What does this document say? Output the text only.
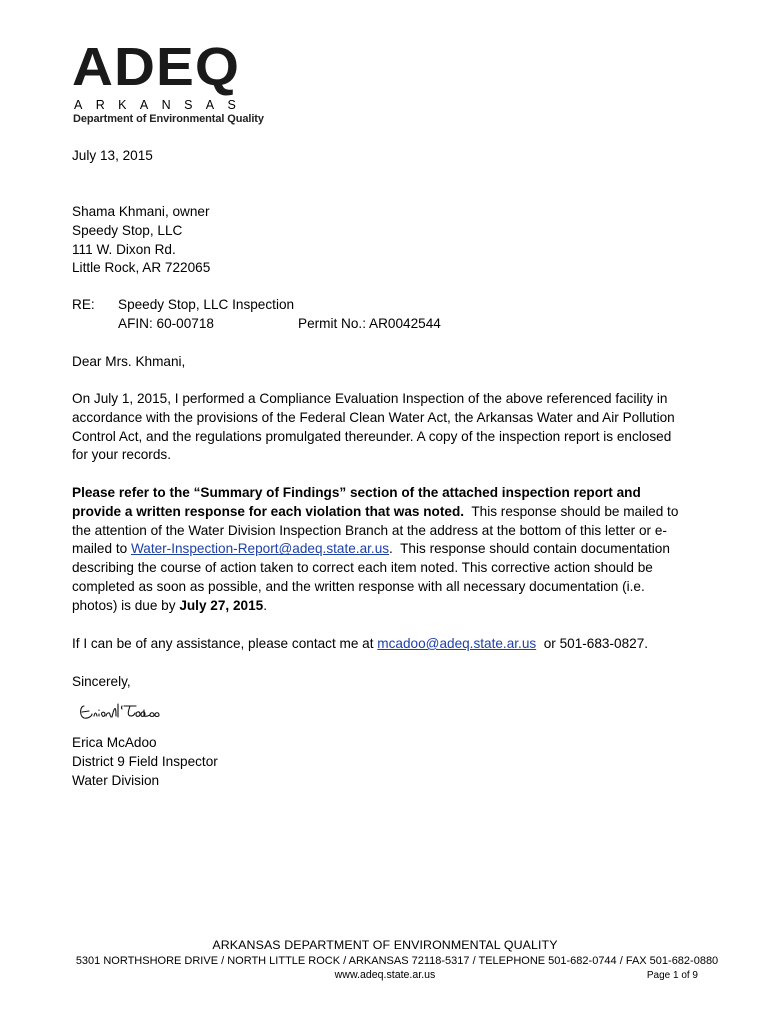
ADEQ
ARKANSAS
Department of Environmental Quality
July 13, 2015
Shama Khmani, owner
Speedy Stop, LLC
111 W. Dixon Rd.
Little Rock, AR 722065
RE: Speedy Stop, LLC Inspection
AFIN: 60-00718	Permit No.: AR0042544
Dear Mrs. Khmani,
On July 1, 2015, I performed a Compliance Evaluation Inspection of the above referenced facility in
accordance with the provisions of the Federal Clean Water Act, the Arkansas Water and Air Pollution
Control Act, and the regulations promulgated thereunder. A copy of the inspection report is enclosed
for your records.
Please refer to the “Summary of Findings” section of the attached inspection report and
provide a written response for each violation that was noted.  This response should be mailed to
the attention of the Water Division Inspection Branch at the address at the bottom of this letter or e-
mailed to Water-Inspection-Report@adeq.state.ar.us.  This response should contain documentation
describing the course of action taken to correct each item noted. This corrective action should be
completed as soon as possible, and the written response with all necessary documentation (i.e.
photos) is due by July 27, 2015.
If I can be of any assistance, please contact me at mcadoo@adeq.state.ar.us  or 501-683-0827.
Sincerely,
Erica McAdoo
District 9 Field Inspector
Water Division
ARKANSAS DEPARTMENT OF ENVIRONMENTAL QUALITY
5301 NORTHSHORE DRIVE / NORTH LITTLE ROCK / ARKANSAS 72118-5317 / TELEPHONE 501-682-0744 / FAX 501-682-0880
www.adeq.state.ar.us	Page 1 of 9
